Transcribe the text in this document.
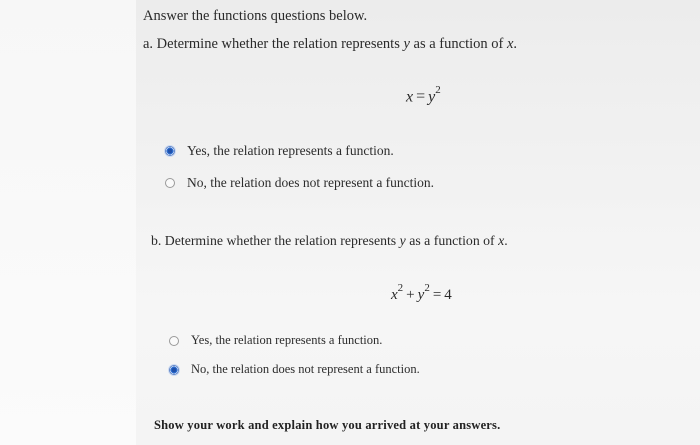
Answer the functions questions below.
a. Determine whether the relation represents y as a function of x.
$x = y^2$
Yes, the relation represents a function.
No, the relation does not represent a function.
b. Determine whether the relation represents y as a function of x.
$x^2 + y^2 = 4$
Yes, the relation represents a function.
No, the relation does not represent a function.
Show your work and explain how you arrived at your answers.
